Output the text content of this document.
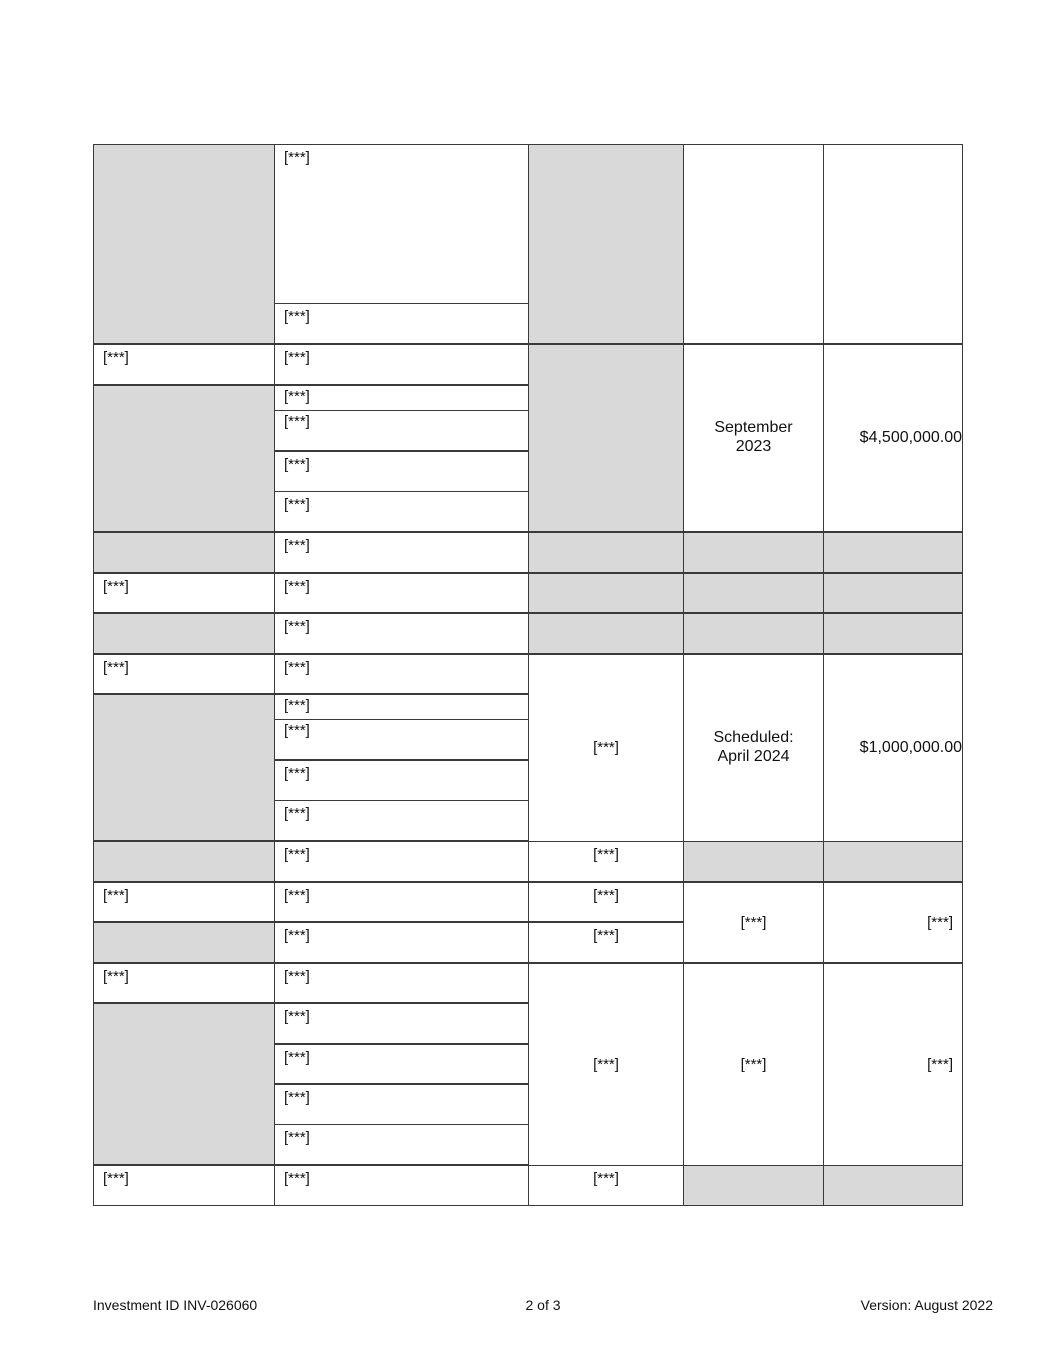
[***]
[***]
[***]
[***]
[***]
[***]
[***]
[***]
[***]
[***]
[***]
[***]
[***]
[***]
[***]
[***]
[***]
[***]
[***]
[***]
[***]
[***]
[***]
[***]
[***]
[***]
[***]
[***]
[***]
[***]
[***]
[***]
[***]
[***]
[***]
[***]
September 2023
Scheduled: April 2024
[***]
[***]
$4,500,000.00
$1,000,000.00
[***]
[***]
Investment ID INV-026060	2 of 3	Version: August 2022
